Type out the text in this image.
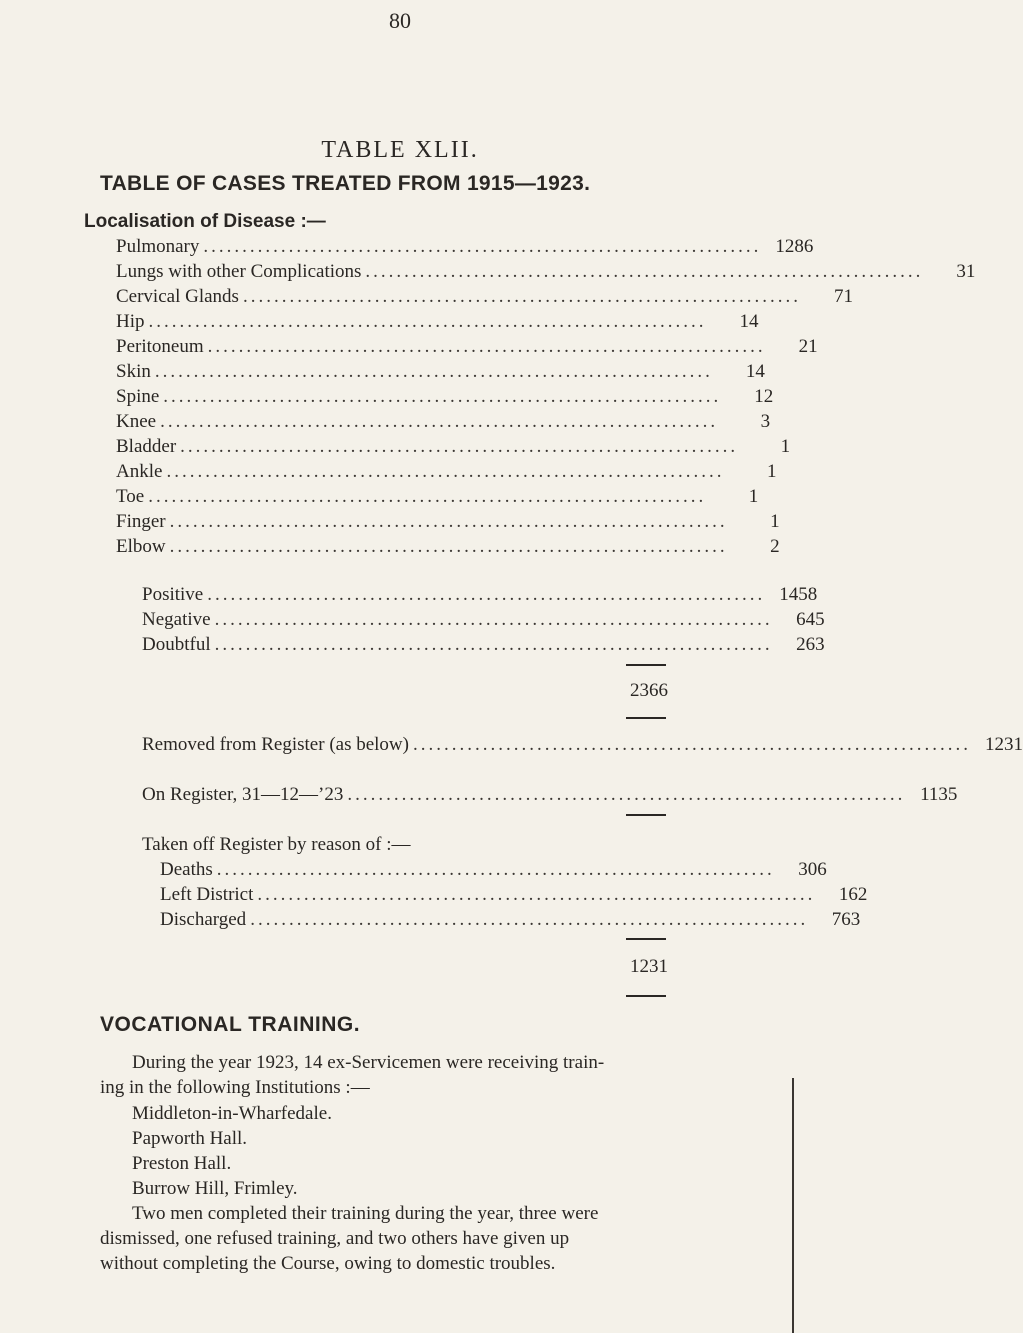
80
TABLE XLII.
TABLE OF CASES TREATED FROM 1915—1923.
Localisation of Disease :—
Pulmonary ........................................................................ 1286
Lungs with other Complications ........................................................................	31
Cervical Glands ........................................................................	71
Hip ........................................................................	14
Peritoneum ........................................................................	21
Skin ........................................................................	14
Spine ........................................................................	12
Knee ........................................................................	3
Bladder ........................................................................	1
Ankle ........................................................................	1
Toe ........................................................................	1
Finger ........................................................................	1
Elbow ........................................................................	2
Positive ........................................................................ 1458
Negative ........................................................................	645
Doubtful ........................................................................	263
2366
Removed from Register (as below) ........................................................................ 1231
On Register, 31—12—’23 ........................................................................ 1135
Taken off Register by reason of :—
Deaths ........................................................................	306
Left District ........................................................................	162
Discharged ........................................................................	763
1231
VOCATIONAL TRAINING.
During the year 1923, 14 ex-Servicemen were receiving train-
ing in the following Institutions :—
Middleton-in-Wharfedale.
Papworth Hall.
Preston Hall.
Burrow Hill, Frimley.
Two men completed their training during the year, three were
dismissed, one refused training, and two others have given up
without completing the Course, owing to domestic troubles.
